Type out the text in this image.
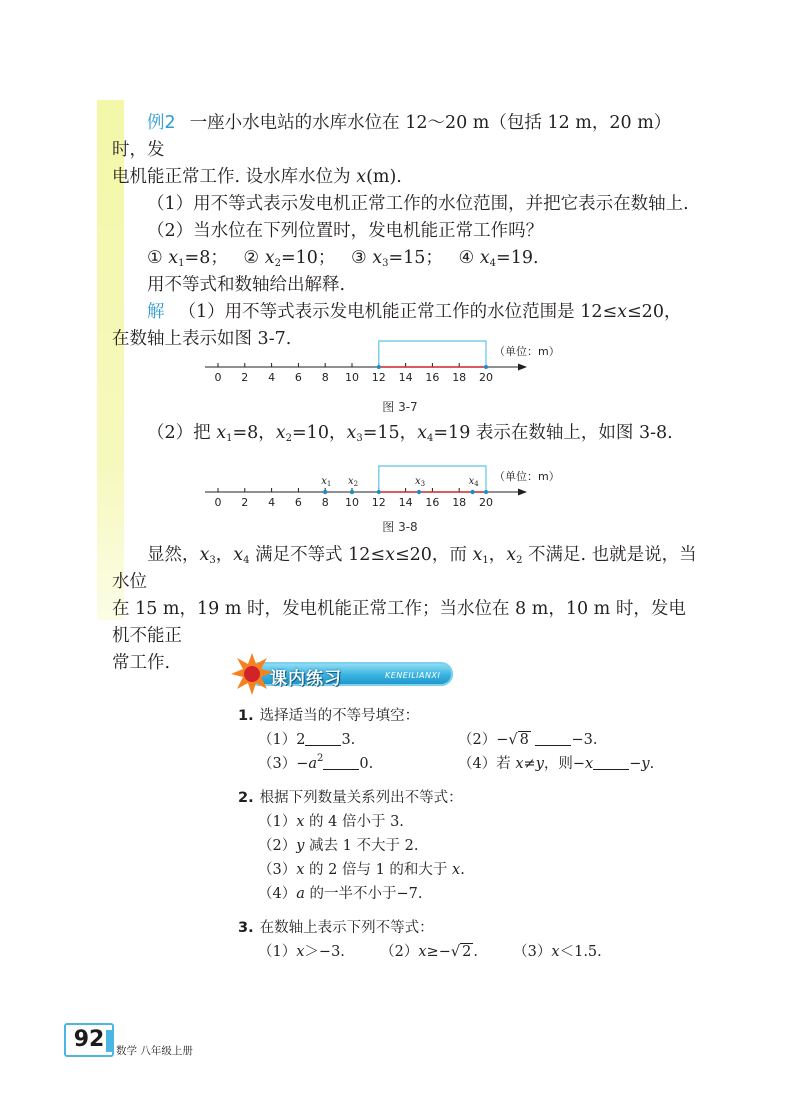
例2 一座小水电站的水库水位在 12～20 m（包括 12 m，20 m）时，发

电机能正常工作. 设水库水位为 x(m).

（1）用不等式表示发电机正常工作的水位范围，并把它表示在数轴上.

（2）当水位在下列位置时，发电机能正常工作吗？

① $x_1=8$； ② $x_2=10$； ③ $x_3=15$； ④ $x_4=19$.

用不等式和数轴给出解释.

解 （1）用不等式表示发电机能正常工作的水位范围是 12≤x≤20，

在数轴上表示如图 3-7.

0 2 4 6 8 10 12 14 16 18 20
（单位：m）
图 3-7

（2）把 $x_1=8$，$x_2=10$，$x_3=15$，$x_4=19$ 表示在数轴上，如图 3-8.

0 2 4 6 8 10 12 14 16 18 20
（单位：m）
$x_1$ $x_2$	$x_3$	$x_4$
图 3-8

显然，$x_3$，$x_4$ 满足不等式 12≤x≤20，而 $x_1$，$x_2$ 不满足. 也就是说，当水位

在 15 m，19 m 时，发电机能正常工作；当水位在 8 m，10 m 时，发电机不能正

常工作.

课内练习	KENEILIANXI
1. 选择适当的不等号填空：
（1）2 3.	（2）−√ 8	−3.
$(3)-a^2$ 0.	（4）若 x≠y，则−x −y.
2. 根据下列数量关系列出不等式：
（1）x 的 4 倍小于 3.
（2）y 减去 1 不大于 2.
（3）x 的 2 倍与 1 的和大于 x.
（4）a 的一半不小于−7.
3. 在数轴上表示下列不等式：
（1）x＞−3. （2）x≥−√ 2 . （3）x＜1.5.
92	数学 八年级上册
